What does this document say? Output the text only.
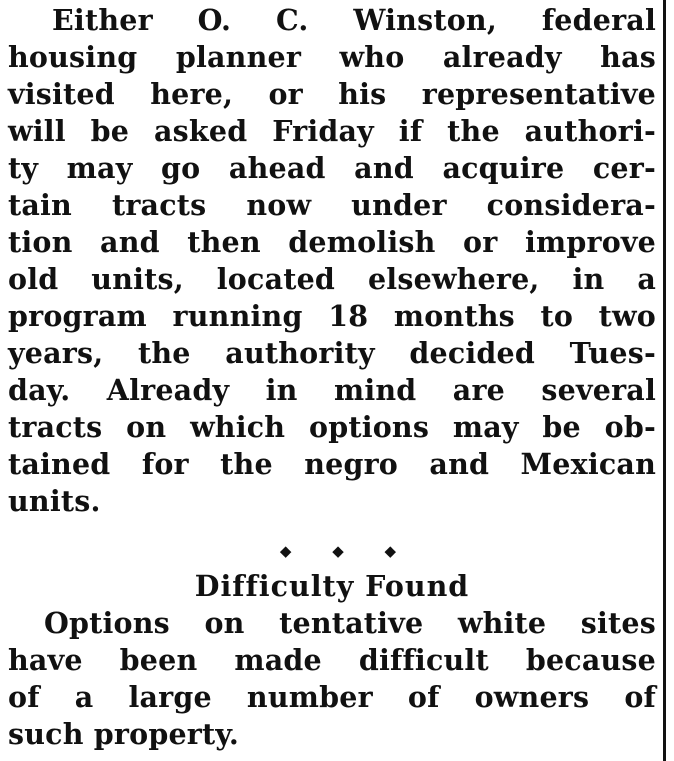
Either O. C. Winston, federal
housing planner who already has
visited here, or his representative
will be asked Friday if the authori-
ty may go ahead and acquire cer-
tain tracts now under considera-
tion and then demolish or improve
old units, located elsewhere, in a
program running 18 months to two
years, the authority decided Tues-
day. Already in mind are several
tracts on which options may be ob-
tained for the negro and Mexican
units.
◆ ◆ ◆
Difficulty Found
Options on tentative white sites
have been made difficult because
of a large number of owners of
such property.
